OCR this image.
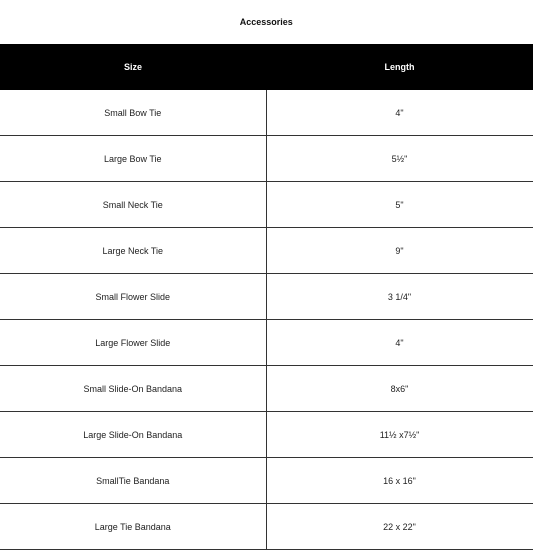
Accessories	
Size	Length
Small Bow Tie	4"
Large Bow Tie	5½"
Small Neck Tie	5"
Large Neck Tie	9"
Small Flower Slide	3 1/4"
Large Flower Slide	4"
Small Slide-On Bandana	8x6"
Large Slide-On Bandana	11½ x7½"
SmallTie Bandana	16 x 16"
Large Tie Bandana	22 x 22"
